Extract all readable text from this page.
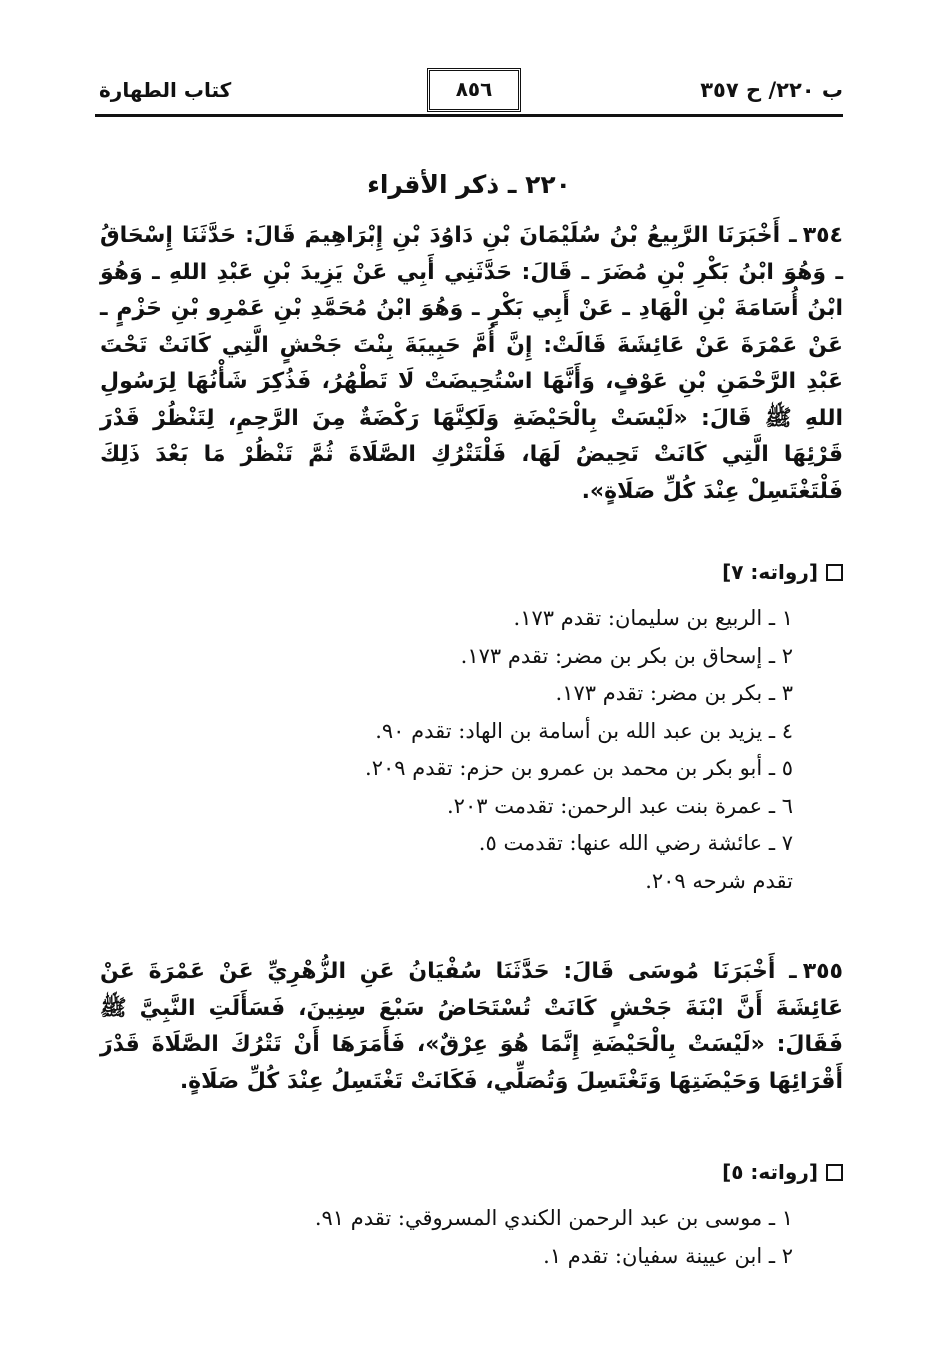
ب ٢٢٠/ ح ٣٥٧
٨٥٦
كتاب الطهارة
٢٢٠ ـ ذكر الأقراء
٣٥٤ـ أَخْبَرَنَا الرَّبِيعُ بْنُ سُلَيْمَانَ بْنِ دَاوُدَ بْنِ إِبْرَاهِيمَ قَالَ: حَدَّثَنَا إِسْحَاقُ ـ وَهُوَ ابْنُ بَكْرِ بْنِ مُضَرَ ـ قَالَ: حَدَّثَنِي أَبِي عَنْ يَزِيدَ بْنِ عَبْدِ اللهِ ـ وَهُوَ ابْنُ أُسَامَةَ بْنِ الْهَادِ ـ عَنْ أَبِي بَكْرٍ ـ وَهُوَ ابْنُ مُحَمَّدِ بْنِ عَمْرِو بْنِ حَزْمٍ ـ عَنْ عَمْرَةَ عَنْ عَائِشَةَ قَالَتْ: إِنَّ أُمَّ حَبِيبَةَ بِنْتَ جَحْشٍ الَّتِي كَانَتْ تَحْتَ عَبْدِ الرَّحْمَنِ بْنِ عَوْفٍ، وَأَنَّهَا اسْتُحِيضَتْ لَا تَطْهُرُ، فَذُكِرَ شَأْنُهَا لِرَسُولِ اللهِ ﷺ قَالَ: «لَيْسَتْ بِالْحَيْضَةِ وَلَكِنَّهَا رَكْضَةٌ مِنَ الرَّحِمِ، لِتَنْظُرْ قَدْرَ قَرْئِهَا الَّتِي كَانَتْ تَحِيضُ لَهَا، فَلْتَتْرُكِ الصَّلَاةَ ثُمَّ تَنْظُرْ مَا بَعْدَ ذَلِكَ فَلْتَغْتَسِلْ عِنْدَ كُلِّ صَلَاةٍ».
[رواته: ٧]
١ ـ الربيع بن سليمان: تقدم ١٧٣.
٢ ـ إسحاق بن بكر بن مضر: تقدم ١٧٣.
٣ ـ بكر بن مضر: تقدم ١٧٣.
٤ ـ يزيد بن عبد الله بن أسامة بن الهاد: تقدم ٩٠.
٥ ـ أبو بكر بن محمد بن عمرو بن حزم: تقدم ٢٠٩.
٦ ـ عمرة بنت عبد الرحمن: تقدمت ٢٠٣.
٧ ـ عائشة رضي الله عنها: تقدمت ٥.
تقدم شرحه ٢٠٩.
٣٥٥ـ أَخْبَرَنَا مُوسَى قَالَ: حَدَّثَنَا سُفْيَانُ عَنِ الزُّهْرِيِّ عَنْ عَمْرَةَ عَنْ عَائِشَةَ أَنَّ ابْنَةَ جَحْشٍ كَانَتْ تُسْتَحَاضُ سَبْعَ سِنِينَ، فَسَأَلَتِ النَّبِيَّ ﷺ فَقَالَ: «لَيْسَتْ بِالْحَيْضَةِ إِنَّمَا هُوَ عِرْقٌ»، فَأَمَرَهَا أَنْ تَتْرُكَ الصَّلَاةَ قَدْرَ أَقْرَائِهَا وَحَيْضَتِهَا وَتَغْتَسِلَ وَتُصَلِّي، فَكَانَتْ تَغْتَسِلُ عِنْدَ كُلِّ صَلَاةٍ.
[رواته: ٥]
١ ـ موسى بن عبد الرحمن الكندي المسروقي: تقدم ٩١.
٢ ـ ابن عيينة سفيان: تقدم ١.
